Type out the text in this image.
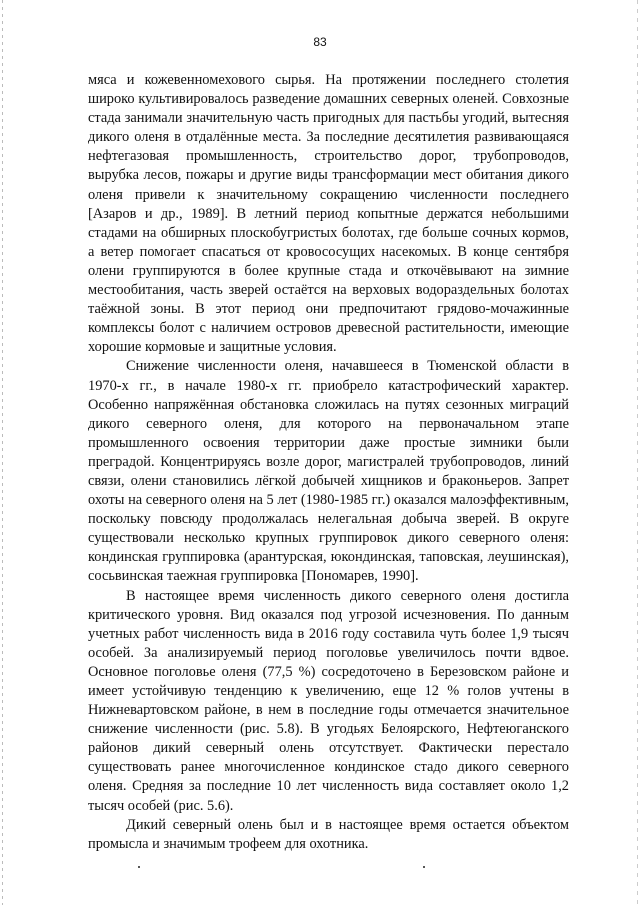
83

мяса и кожевенномехового сырья. На протяжении последнего столетия широко культивировалось разведение домашних северных оленей. Совхозные стада занимали значительную часть пригодных для пастьбы угодий, вытесняя дикого оленя в отдалённые места. За последние десятилетия развивающаяся нефтегазовая промышленность, строительство дорог, трубопроводов, вырубка лесов, пожары и другие виды трансформации мест обитания дикого оленя привели к значительному сокращению численности последнего [Азаров и др., 1989]. В летний период копытные держатся небольшими стадами на обширных плоскобугристых болотах, где больше сочных кормов, а ветер помогает спасаться от кровососущих насекомых. В конце сентября олени группируются в более крупные стада и откочёвывают на зимние местообитания, часть зверей остаётся на верховых водораздельных болотах таёжной зоны. В этот период они предпочитают грядово-мочажинные комплексы болот с наличием островов древесной растительности, имеющие хорошие кормовые и защитные условия.

Снижение численности оленя, начавшееся в Тюменской области в 1970-х гг., в начале 1980-х гг. приобрело катастрофический характер. Особенно напряжённая обстановка сложилась на путях сезонных миграций дикого северного оленя, для которого на первоначальном этапе промышленного освоения территории даже простые зимники были преградой. Концентрируясь возле дорог, магистралей трубопроводов, линий связи, олени становились лёгкой добычей хищников и браконьеров. Запрет охоты на северного оленя на 5 лет (1980-1985 гг.) оказался малоэффективным, поскольку повсюду продолжалась нелегальная добыча зверей. В округе существовали несколько крупных группировок дикого северного оленя: кондинская группировка (арантурская, юкондинская, таповская, леушинская), сосьвинская таежная группировка [Пономарев, 1990].

В настоящее время численность дикого северного оленя достигла критического уровня. Вид оказался под угрозой исчезновения. По данным учетных работ численность вида в 2016 году составила чуть более 1,9 тысяч особей. За анализируемый период поголовье увеличилось почти вдвое. Основное поголовье оленя (77,5 %) сосредоточено в Березовском районе и имеет устойчивую тенденцию к увеличению, еще 12 % голов учтены в Нижневартовском районе, в нем в последние годы отмечается значительное снижение численности (рис. 5.8). В угодьях Белоярского, Нефтеюганского районов дикий северный олень отсутствует. Фактически перестало существовать ранее многочисленное кондинское стадо дикого северного оленя. Средняя за последние 10 лет численность вида составляет около 1,2 тысяч особей (рис. 5.6).

Дикий северный олень был и в настоящее время остается объектом промысла и значимым трофеем для охотника.
